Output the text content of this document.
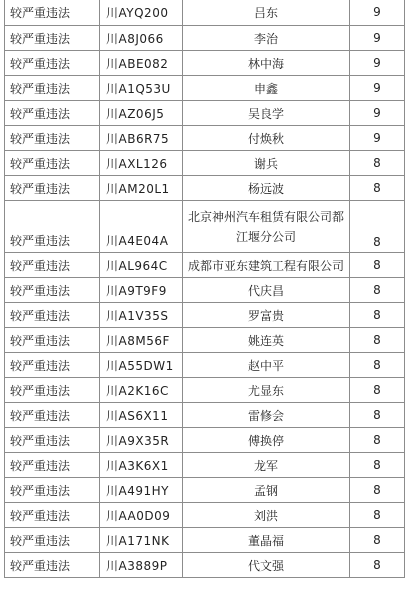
较严重违法	川AYQ200	吕东	9
较严重违法	川A8J066	李治	9
较严重违法	川ABE082	林中海	9
较严重违法	川A1Q53U	申鑫	9
较严重违法	川AZ06J5	吴良学	9
较严重违法	川AB6R75	付焕秋	9
较严重违法	川AXL126	谢兵	8
较严重违法	川AM20L1	杨远波	8
较严重违法	川A4E04A	北京神州汽车租赁有限公司都江堰分公司	8
较严重违法	川AL964C	成都市亚东建筑工程有限公司	8
较严重违法	川A9T9F9	代庆昌	8
较严重违法	川A1V35S	罗富贵	8
较严重违法	川A8M56F	姚连英	8
较严重违法	川A55DW1	赵中平	8
较严重违法	川A2K16C	尤显东	8
较严重违法	川AS6X11	雷修会	8
较严重违法	川A9X35R	傅换停	8
较严重违法	川A3K6X1	龙军	8
较严重违法	川A491HY	孟钢	8
较严重违法	川AA0D09	刘洪	8
较严重违法	川A171NK	董晶福	8
较严重违法	川A3889P	代文强	8
